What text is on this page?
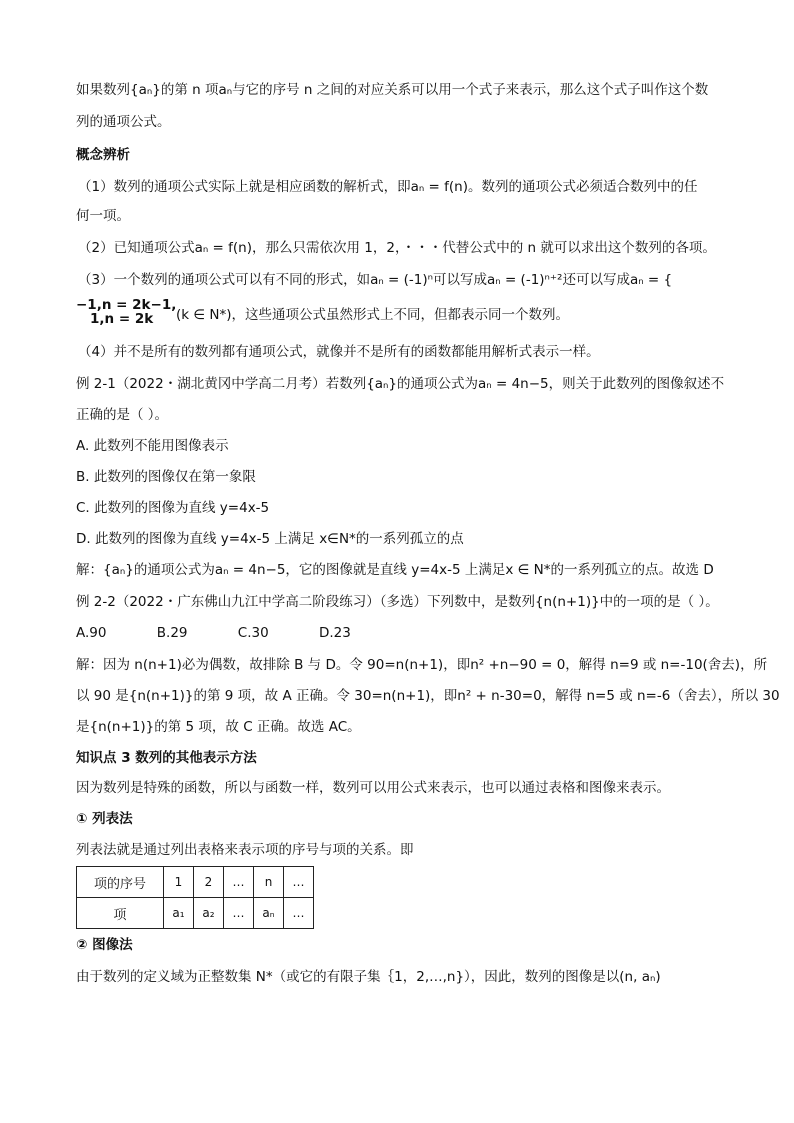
如果数列{aₙ}的第 n 项aₙ与它的序号 n 之间的对应关系可以用一个式子来表示，那么这个式子叫作这个数
列的通项公式。
概念辨析
（1）数列的通项公式实际上就是相应函数的解析式，即aₙ = f(n)。数列的通项公式必须适合数列中的任
何一项。
（2）已知通项公式aₙ = f(n)，那么只需依次用 1，2，・・・代替公式中的 n 就可以求出这个数列的各项。
（3）一个数列的通项公式可以有不同的形式，如aₙ = (-1)ⁿ可以写成aₙ = (-1)ⁿ⁺²还可以写成aₙ = {
−1,n = 2k−1,
1,n = 2k	(k ∈ N*)，这些通项公式虽然形式上不同，但都表示同一个数列。
（4）并不是所有的数列都有通项公式，就像并不是所有的函数都能用解析式表示一样。
例 2-1（2022・湖北黄冈中学高二月考）若数列{aₙ}的通项公式为aₙ = 4n−5，则关于此数列的图像叙述不
正确的是（ ）。
A. 此数列不能用图像表示
B. 此数列的图像仅在第一象限
C. 此数列的图像为直线 y=4x-5
D. 此数列的图像为直线 y=4x-5 上满足 x∈N*的一系列孤立的点
解：{aₙ}的通项公式为aₙ = 4n−5，它的图像就是直线 y=4x-5 上满足x ∈ N*的一系列孤立的点。故选 D
例 2-2（2022・广东佛山九江中学高二阶段练习）（多选）下列数中，是数列{n(n+1)}中的一项的是（ ）。
A.90	B.29	C.30	D.23
解：因为 n(n+1)必为偶数，故排除 B 与 D。令 90=n(n+1)，即n² +n−90 = 0，解得 n=9 或 n=-10(舍去)，所
以 90 是{n(n+1)}的第 9 项，故 A 正确。令 30=n(n+1)，即n² + n-30=0，解得 n=5 或 n=-6（舍去），所以 30
是{n(n+1)}的第 5 项，故 C 正确。故选 AC。
知识点 3 数列的其他表示方法
因为数列是特殊的函数，所以与函数一样，数列可以用公式来表示，也可以通过表格和图像来表示。
① 列表法
列表法就是通过列出表格来表示项的序号与项的关系。即
项的序号	1	2	…	n	…
项	a₁	a₂	…	aₙ	…
② 图像法
由于数列的定义域为正整数集 N*（或它的有限子集｛1，2,…,n}），因此，数列的图像是以(n, aₙ)
